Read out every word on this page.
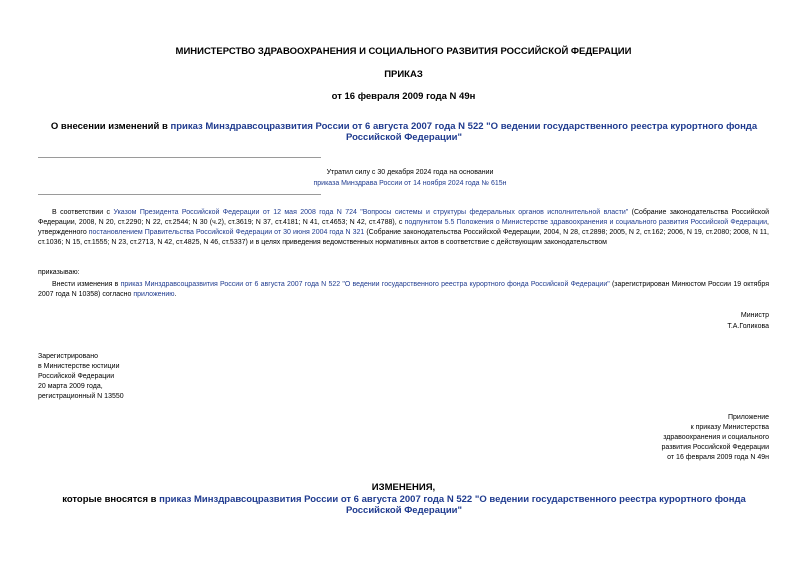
МИНИСТЕРСТВО ЗДРАВООХРАНЕНИЯ И СОЦИАЛЬНОГО РАЗВИТИЯ РОССИЙСКОЙ ФЕДЕРАЦИИ
ПРИКАЗ
от 16 февраля 2009 года N 49н
О внесении изменений в приказ Минздравсоцразвития России от 6 августа 2007 года N 522 "О ведении государственного реестра курортного фонда Российской Федерации"
Утратил силу с 30 декабря 2024 года на основании
приказа Минздрава России от 14 ноября 2024 года № 615н
В соответствии с Указом Президента Российской Федерации от 12 мая 2008 года N 724 "Вопросы системы и структуры федеральных органов исполнительной власти" (Собрание законодательства Российской Федерации, 2008, N 20, ст.2290; N 22, ст.2544; N 30 (ч.2), ст.3619; N 37, ст.4181; N 41, ст.4653; N 42, ст.4788), с подпунктом 5.5 Положения о Министерстве здравоохранения и социального развития Российской Федерации, утвержденного постановлением Правительства Российской Федерации от 30 июня 2004 года N 321 (Собрание законодательства Российской Федерации, 2004, N 28, ст.2898; 2005, N 2, ст.162; 2006, N 19, ст.2080; 2008, N 11, ст.1036; N 15, ст.1555; N 23, ст.2713, N 42, ст.4825, N 46, ст.5337) и в целях приведения ведомственных нормативных актов в соответствие с действующим законодательством
приказываю:
Внести изменения в приказ Минздравсоцразвития России от 6 августа 2007 года N 522 "О ведении государственного реестра курортного фонда Российской Федерации" (зарегистрирован Минюстом России 19 октября 2007 года N 10358) согласно приложению.
Министр
Т.А.Голикова
Зарегистрировано
в Министерстве юстиции
Российской Федерации
20 марта 2009 года,
регистрационный N 13550
Приложение
к приказу Министерства
здравоохранения и социального
развития Российской Федерации
от 16 февраля 2009 года N 49н
ИЗМЕНЕНИЯ,
которые вносятся в приказ Минздравсоцразвития России от 6 августа 2007 года N 522 "О ведении государственного реестра курортного фонда Российской Федерации"
